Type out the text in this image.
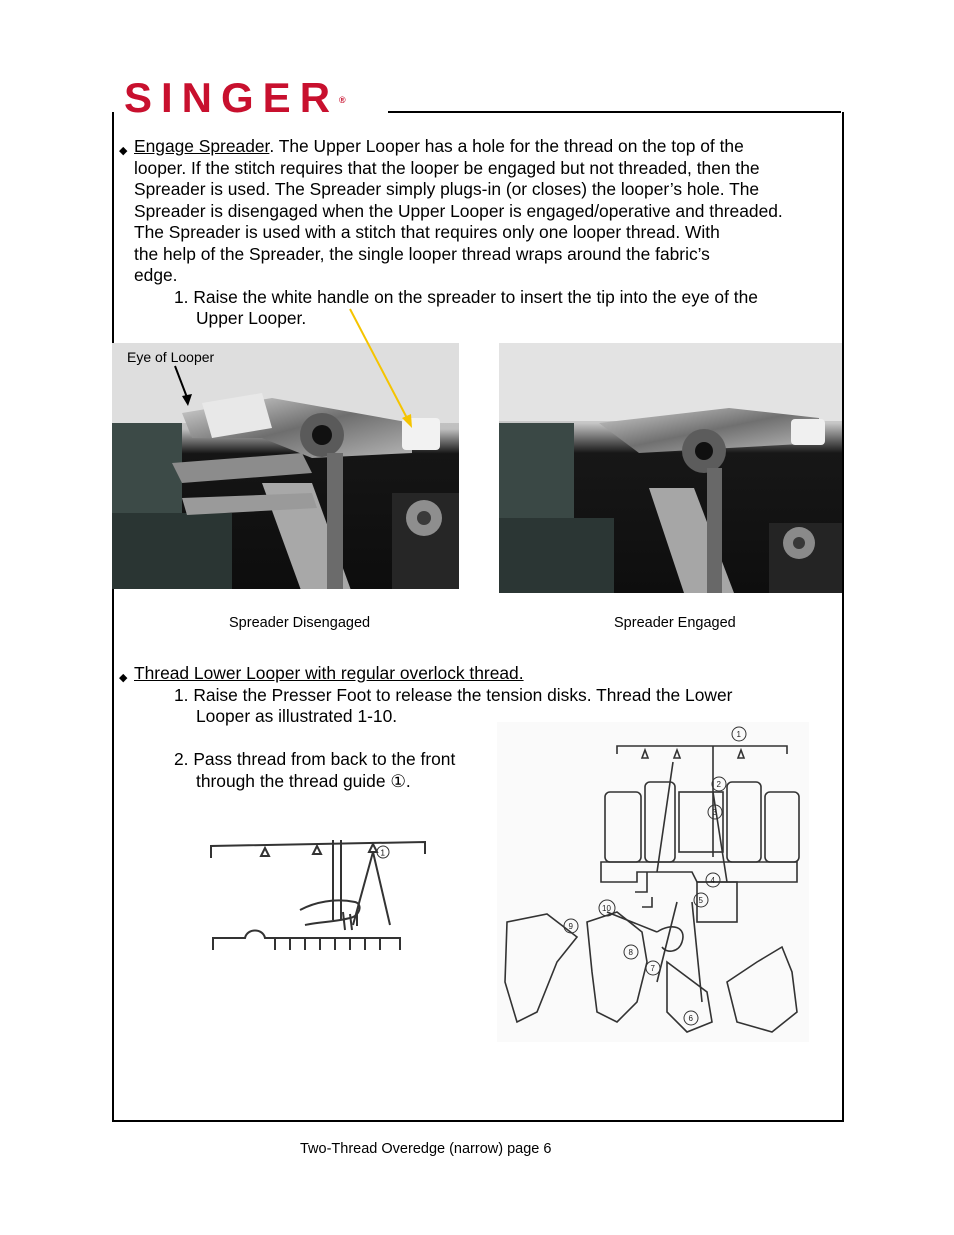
SINGER®
◆ Engage Spreader. The Upper Looper has a hole for the thread on the top of the
looper. If the stitch requires that the looper be engaged but not threaded, then the
Spreader is used. The Spreader simply plugs-in (or closes) the looper’s hole. The
Spreader is disengaged when the Upper Looper is engaged/operative and threaded.
The Spreader is used with a stitch that requires only one looper thread. With
the help of the Spreader, the single looper thread wraps around the fabric’s
edge.
1. Raise the white handle on the spreader to insert the tip into the eye of the
Upper Looper.
Eye of Looper
Spreader Disengaged	Spreader Engaged
◆ Thread Lower Looper with regular overlock thread.
1. Raise the Presser Foot to release the tension disks. Thread the Lower
Looper as illustrated 1-10.
2. Pass thread from back to the front
through the thread guide ①.
1
1
2
3
4
5
6
7
8
9
10
Two-Thread Overedge (narrow) page 6
